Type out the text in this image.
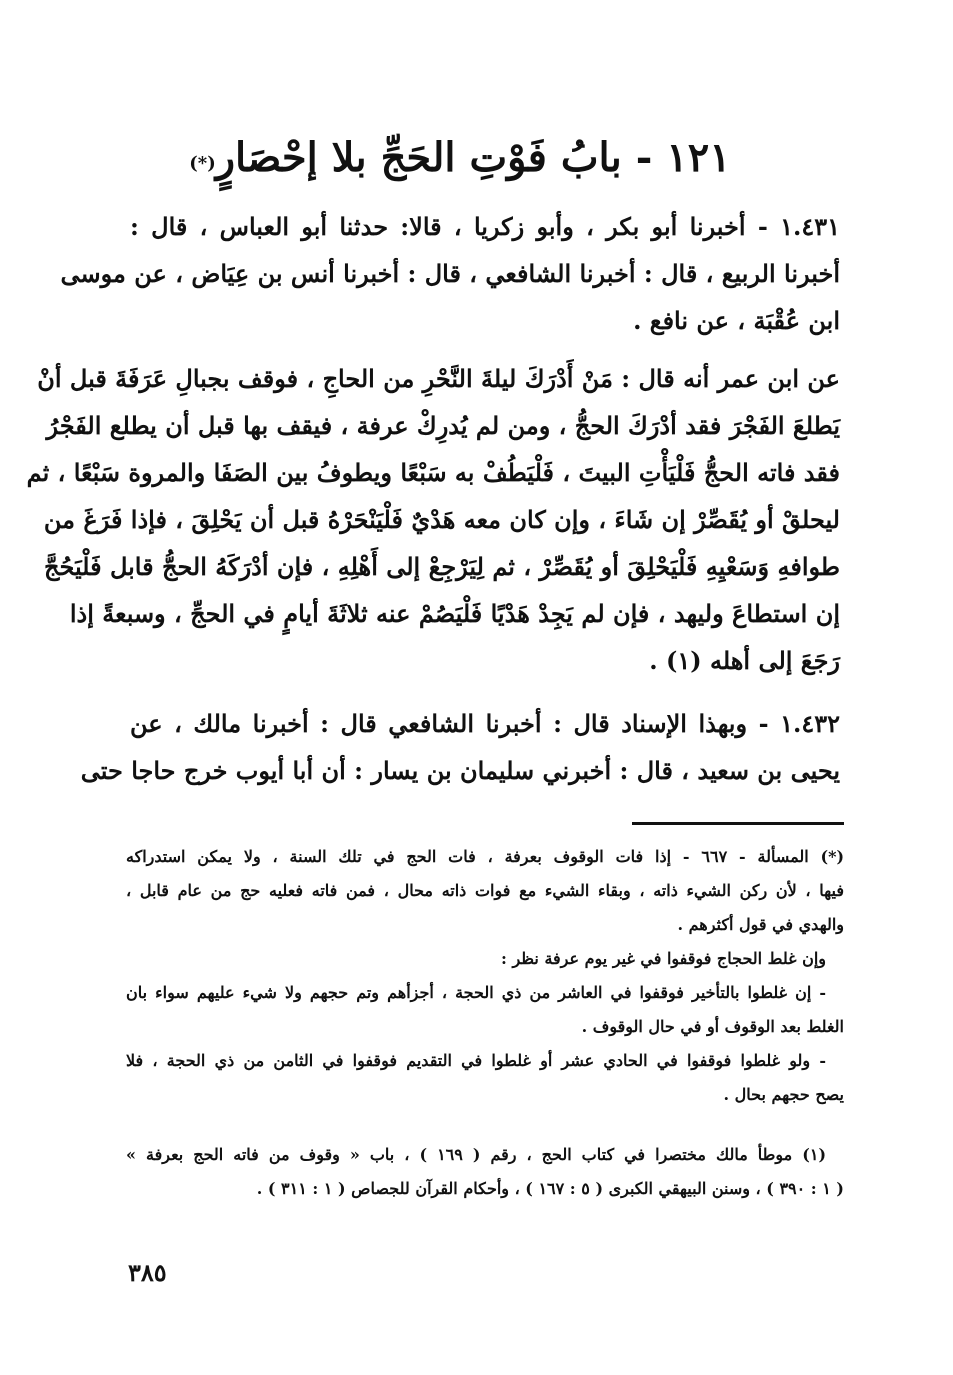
١٢١ - بابُ فَوْتِ الحَجِّ بلا إحْصَارٍ(*)
١.٤٣١ - أخبرنا أبو بكر ، وأبو زكريا ، قالا: حدثنا أبو العباس ، قال :
أخبرنا الربيع ، قال : أخبرنا الشافعي ، قال : أخبرنا أنس بن عِيَاض ، عن موسى
ابن عُقْبَة ، عن نافع .
عن ابن عمر أنه قال : مَنْ أَدْرَكَ ليلةَ النَّحْرِ من الحاجِ ، فوقف بجبالِ عَرَفَةَ قبل أنْ
يَطلعَ الفَجْرَ فقد أدْرَكَ الحجُّ ، ومن لم يُدرِكْ عرفة ، فيقف بها قبل أن يطلع الفَجْرُ
فقد فاته الحجُّ فَلْيَأْتِ البيتَ ، فَلْيَطُفْ به سَبْعًا ويطوفُ بين الصَفَا والمروة سَبْعًا ، ثم
ليحلقْ أو يُقَصِّرْ إن شَاءَ ، وإن كان معه هَدْيٌ فَلْيَنْحَرْهُ قبل أن يَحْلِقَ ، فإذا فَرَغَ من
طوافهِ وَسَعْيِهِ فَلْيَحْلِقَ أو يُقَصِّرْ ، ثم لِيَرْجِعْ إلى أَهْلِهِ ، فإن أدْرَكَهُ الحجُّ قابل فَلْيَحُجَّ
إن استطاعَ وليهد ، فإن لم يَجِدْ هَدْيًا فَلْيَصُمْ عنه ثلاثَةَ أيامٍ في الحجِّ ، وسبعةً إذا
رَجَعَ إلى أهله (١) .
١.٤٣٢ - وبهذا الإسناد قال : أخبرنا الشافعي قال : أخبرنا مالك ، عن
يحيى بن سعيد ، قال : أخبرني سليمان بن يسار : أن أبا أيوب خرج حاجا حتى
(*) المسألة - ٦٦٧ - إذا فات الوقوف بعرفة ، فات الحج في تلك السنة ، ولا يمكن استدراكه
فيها ، لأن ركن الشيء ذاته ، وبقاء الشيء مع فوات ذاته محال ، فمن فاته فعليه حج من عام قابل ،
والهدي في قول أكثرهم .
وإن غلط الحجاج فوقفوا في غير يوم عرفة نظر :
- إن غلطوا بالتأخير فوقفوا في العاشر من ذي الحجة ، أجزأهم وتم حجهم ولا شيء عليهم سواء بان
الغلط بعد الوقوف أو في حال الوقوف .
- ولو غلطوا فوقفوا في الحادي عشر أو غلطوا في التقديم فوقفوا في الثامن من ذي الحجة ، فلا
يصح حجهم بحال .
(١) موطأ مالك مختصرا في كتاب الحج ، رقم ( ١٦٩ ) ، باب « وقوف من فاته الحج بعرفة »
( ١ : ٣٩٠ ) ، وسنن البيهقي الكبرى ( ٥ : ١٦٧ ) ، وأحكام القرآن للجصاص ( ١ : ٣١١ ) .
٣٨٥
